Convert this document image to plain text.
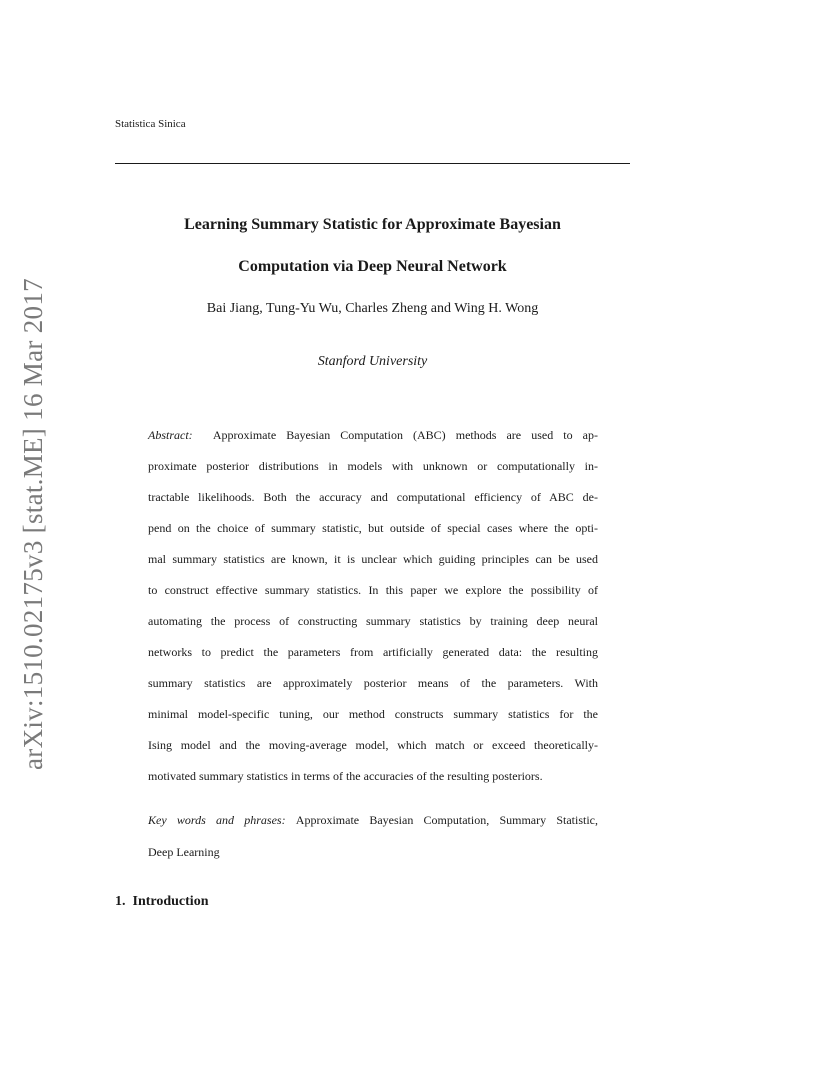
arXiv:1510.02175v3 [stat.ME] 16 Mar 2017
Statistica Sinica
Learning Summary Statistic for Approximate Bayesian
Computation via Deep Neural Network
Bai Jiang, Tung-Yu Wu, Charles Zheng and Wing H. Wong
Stanford University
Abstract: Approximate Bayesian Computation (ABC) methods are used to ap-
proximate posterior distributions in models with unknown or computationally in-
tractable likelihoods. Both the accuracy and computational efficiency of ABC de-
pend on the choice of summary statistic, but outside of special cases where the opti-
mal summary statistics are known, it is unclear which guiding principles can be used
to construct effective summary statistics. In this paper we explore the possibility of
automating the process of constructing summary statistics by training deep neural
networks to predict the parameters from artificially generated data: the resulting
summary statistics are approximately posterior means of the parameters. With
minimal model-specific tuning, our method constructs summary statistics for the
Ising model and the moving-average model, which match or exceed theoretically-
motivated summary statistics in terms of the accuracies of the resulting posteriors.
Key words and phrases: Approximate Bayesian Computation, Summary Statistic,
Deep Learning
1. Introduction
